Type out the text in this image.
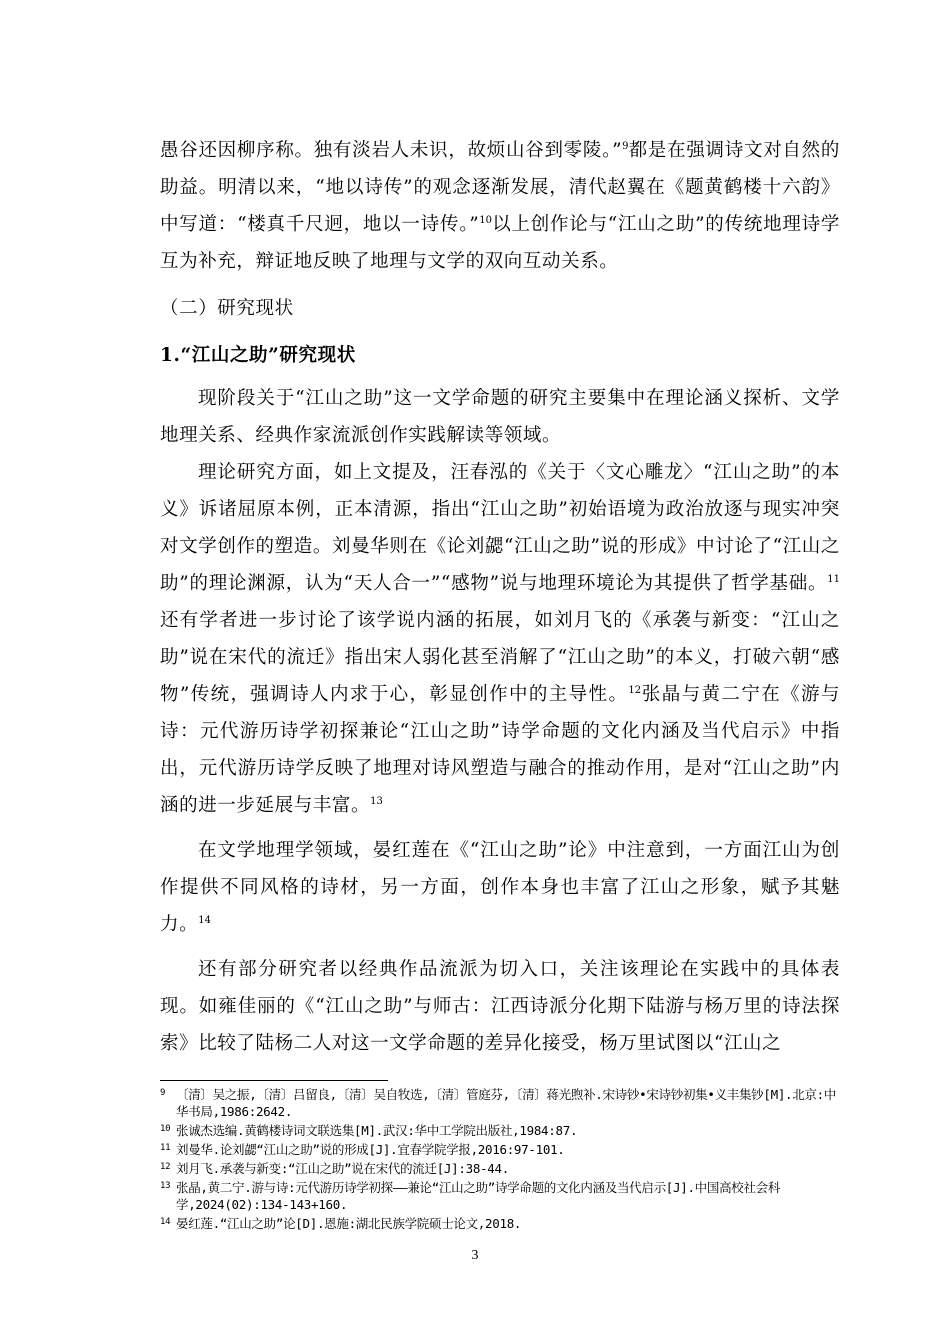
愚谷还因柳序称。独有淡岩人未识，故烦山谷到零陵。”$^9$都是在强调诗文对自然的助益。明清以来，“地以诗传”的观念逐渐发展，清代赵翼在《题黄鹤楼十六韵》中写道：“楼真千尺迥，地以一诗传。”$^{10}$以上创作论与“江山之助”的传统地理诗学互为补充，辩证地反映了地理与文学的双向互动关系。

（二）研究现状

1.“江山之助”研究现状

现阶段关于“江山之助”这一文学命题的研究主要集中在理论涵义探析、文学地理关系、经典作家流派创作实践解读等领域。

理论研究方面，如上文提及，汪春泓的《关于〈文心雕龙〉“江山之助”的本义》诉诸屈原本例，正本清源，指出“江山之助”初始语境为政治放逐与现实冲突对文学创作的塑造。刘曼华则在《论刘勰“江山之助”说的形成》中讨论了“江山之助”的理论渊源，认为“天人合一”“感物”说与地理环境论为其提供了哲学基础。$^{11}$还有学者进一步讨论了该学说内涵的拓展，如刘月飞的《承袭与新变：“江山之助”说在宋代的流迁》指出宋人弱化甚至消解了“江山之助”的本义，打破六朝“感物”传统，强调诗人内求于心，彰显创作中的主导性。$^{12}$张晶与黄二宁在《游与诗：元代游历诗学初探兼论“江山之助”诗学命题的文化内涵及当代启示》中指出，元代游历诗学反映了地理对诗风塑造与融合的推动作用，是对“江山之助”内涵的进一步延展与丰富。$^{13}$

在文学地理学领域，晏红莲在《“江山之助”论》中注意到，一方面江山为创作提供不同风格的诗材，另一方面，创作本身也丰富了江山之形象，赋予其魅力。$^{14}$

还有部分研究者以经典作品流派为切入口，关注该理论在实践中的具体表现。如雍佳丽的《“江山之助”与师古：江西诗派分化期下陆游与杨万里的诗法探索》比较了陆杨二人对这一文学命题的差异化接受，杨万里试图以“江山之

9 〔清〕吴之振,〔清〕吕留良,〔清〕吴自牧选,〔清〕管庭芬,〔清〕蒋光煦补.宋诗钞•宋诗钞初集•义丰集钞[M].北京:中华书局,1986:2642.
10 张诚杰选编.黄鹤楼诗词文联选集[M].武汉:华中工学院出版社,1984:87.
11 刘曼华.论刘勰“江山之助”说的形成[J].宜春学院学报,2016:97-101.
12 刘月飞.承袭与新变:“江山之助”说在宋代的流迁[J]:38-44.
13 张晶,黄二宁.游与诗:元代游历诗学初探——兼论“江山之助”诗学命题的文化内涵及当代启示[J].中国高校社会科学,2024(02):134-143+160.
14 晏红莲.“江山之助”论[D].恩施:湖北民族学院硕士论文,2018.
3
